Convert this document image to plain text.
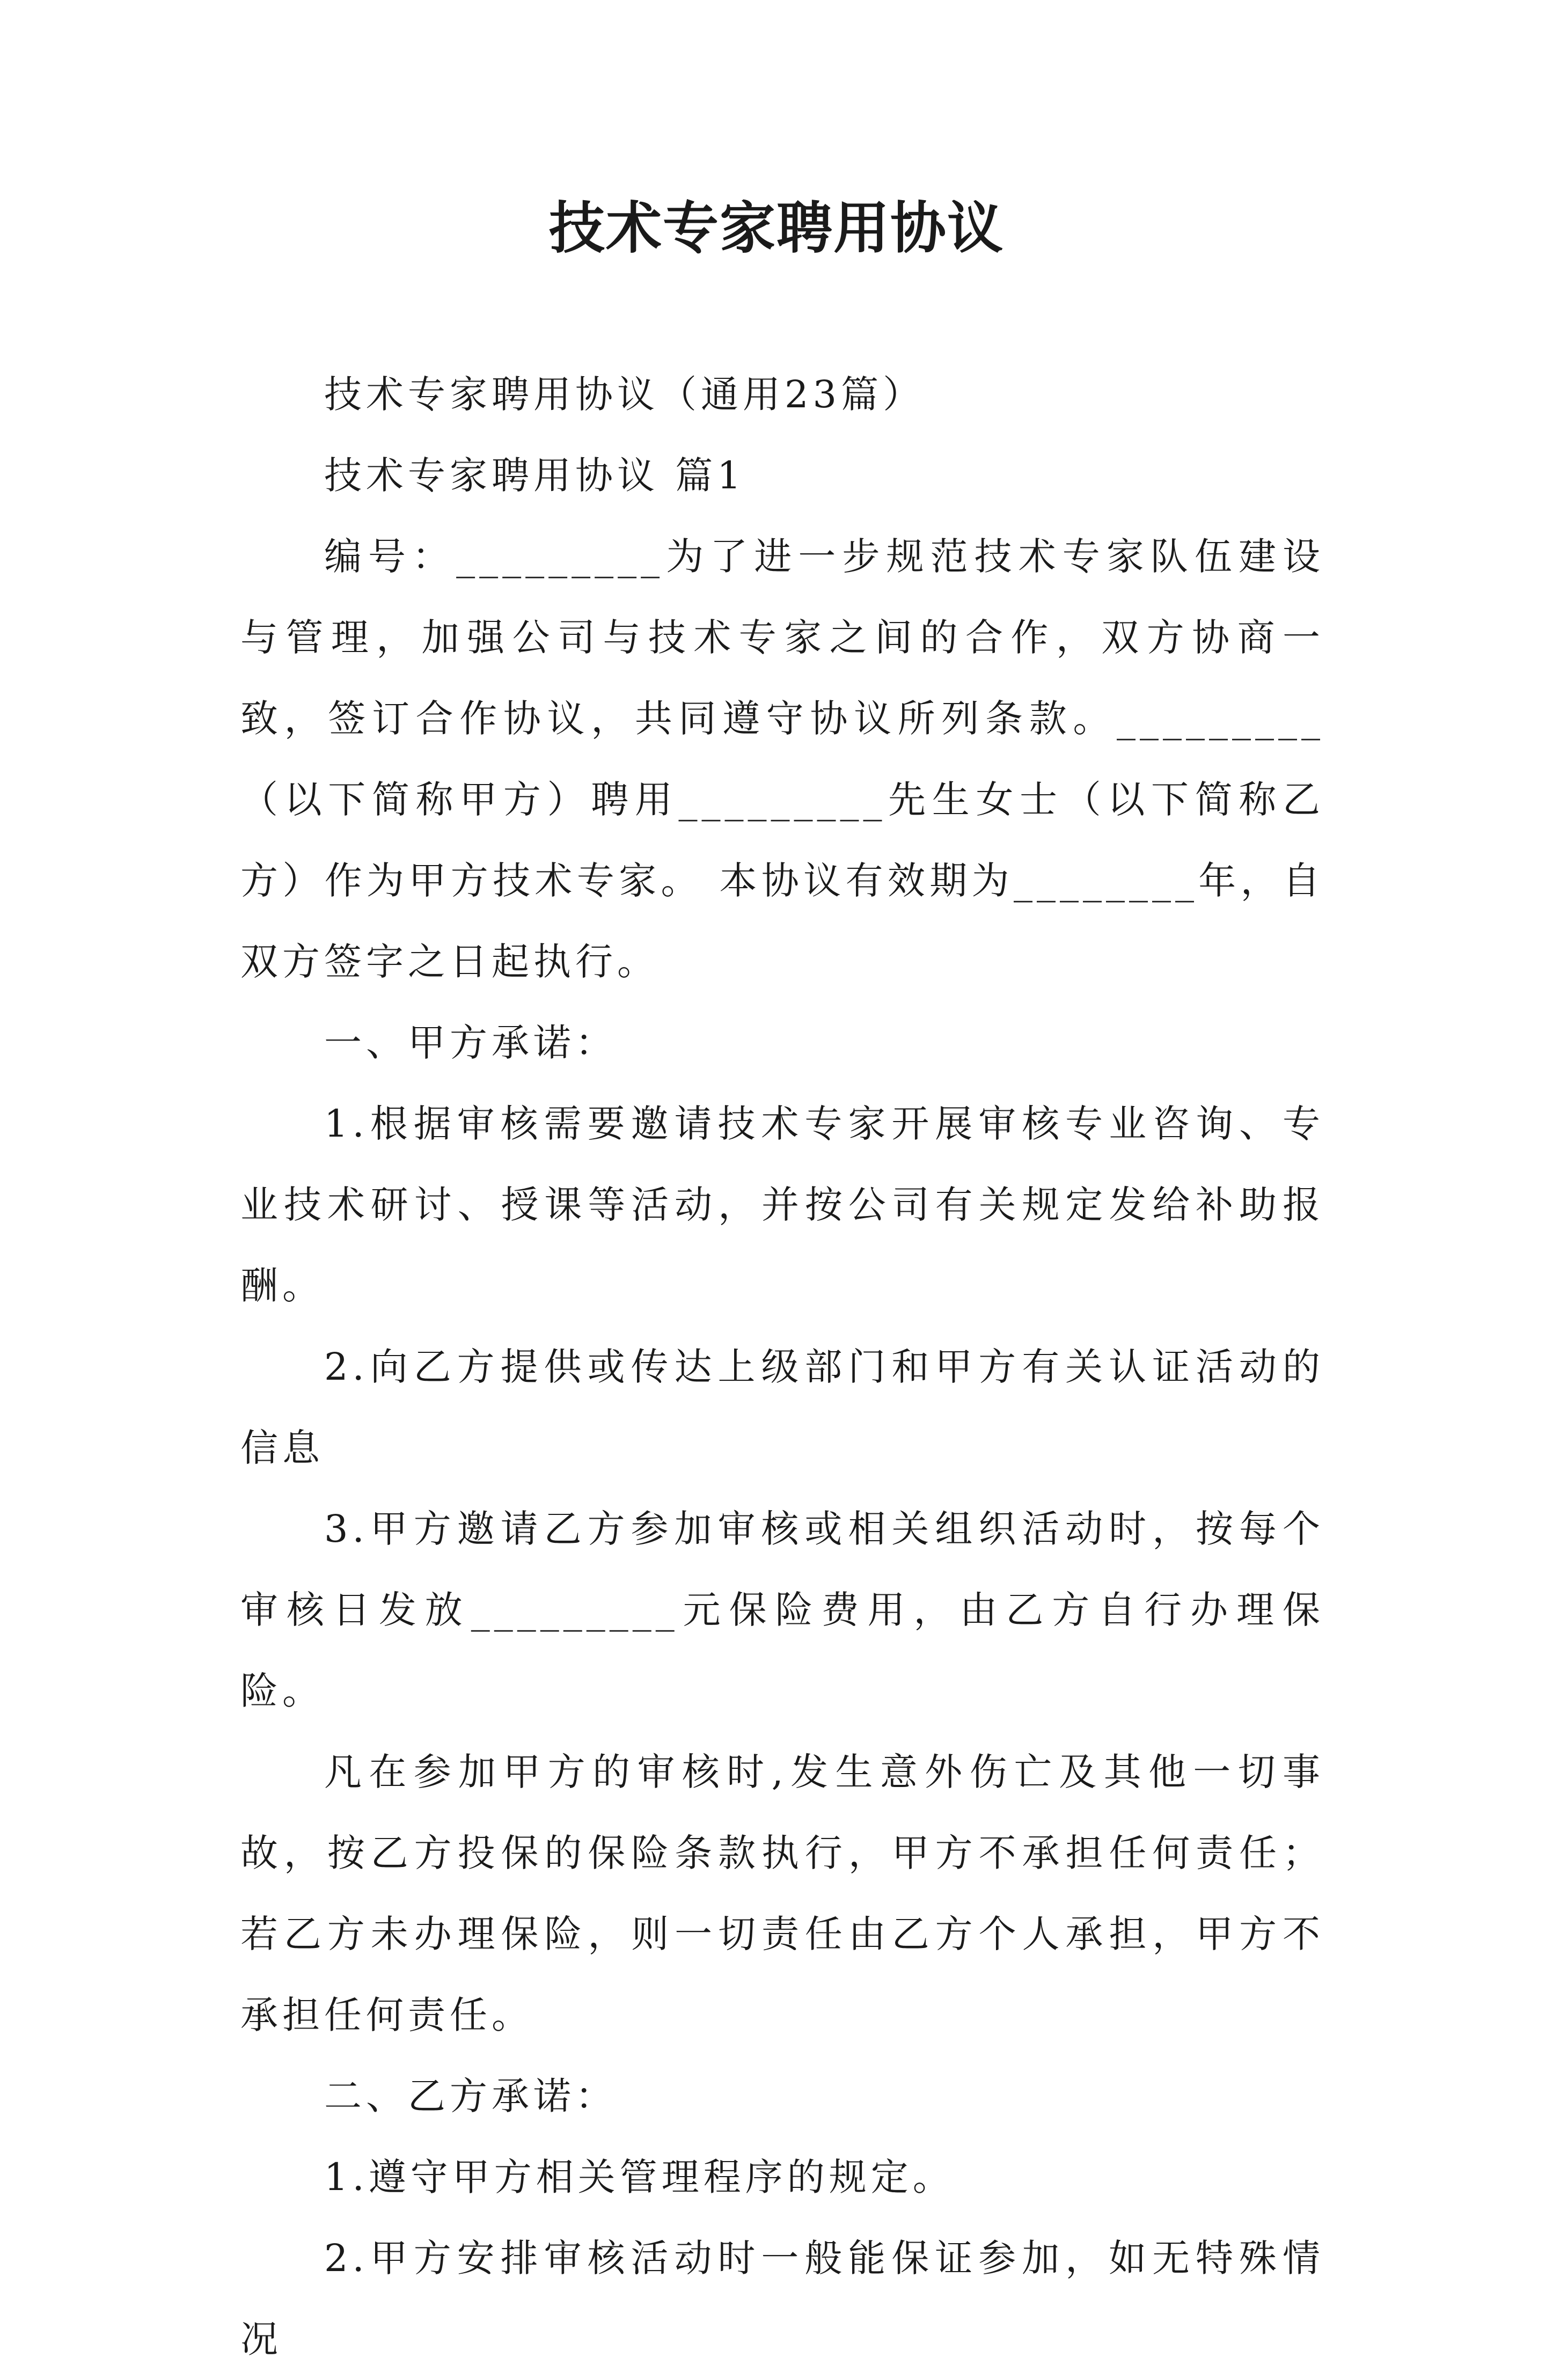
技术专家聘用协议

技术专家聘用协议（通用23篇）

技术专家聘用协议 篇1

编号：_________为了进一步规范技术专家队伍建设与管理，加强公司与技术专家之间的合作，双方协商一致，签订合作协议，共同遵守协议所列条款。_________（以下简称甲方）聘用_________先生女士（以下简称乙方）作为甲方技术专家。 本协议有效期为________年，自双方签字之日起执行。

一、甲方承诺：

1.根据审核需要邀请技术专家开展审核专业咨询、专业技术研讨、授课等活动，并按公司有关规定发给补助报酬。

2.向乙方提供或传达上级部门和甲方有关认证活动的信息

3.甲方邀请乙方参加审核或相关组织活动时，按每个审核日发放_________元保险费用，由乙方自行办理保险。

凡在参加甲方的审核时,发生意外伤亡及其他一切事故，按乙方投保的保险条款执行，甲方不承担任何责任；若乙方未办理保险，则一切责任由乙方个人承担，甲方不承担任何责任。

二、乙方承诺：

1.遵守甲方相关管理程序的规定。

2.甲方安排审核活动时一般能保证参加，如无特殊情况
